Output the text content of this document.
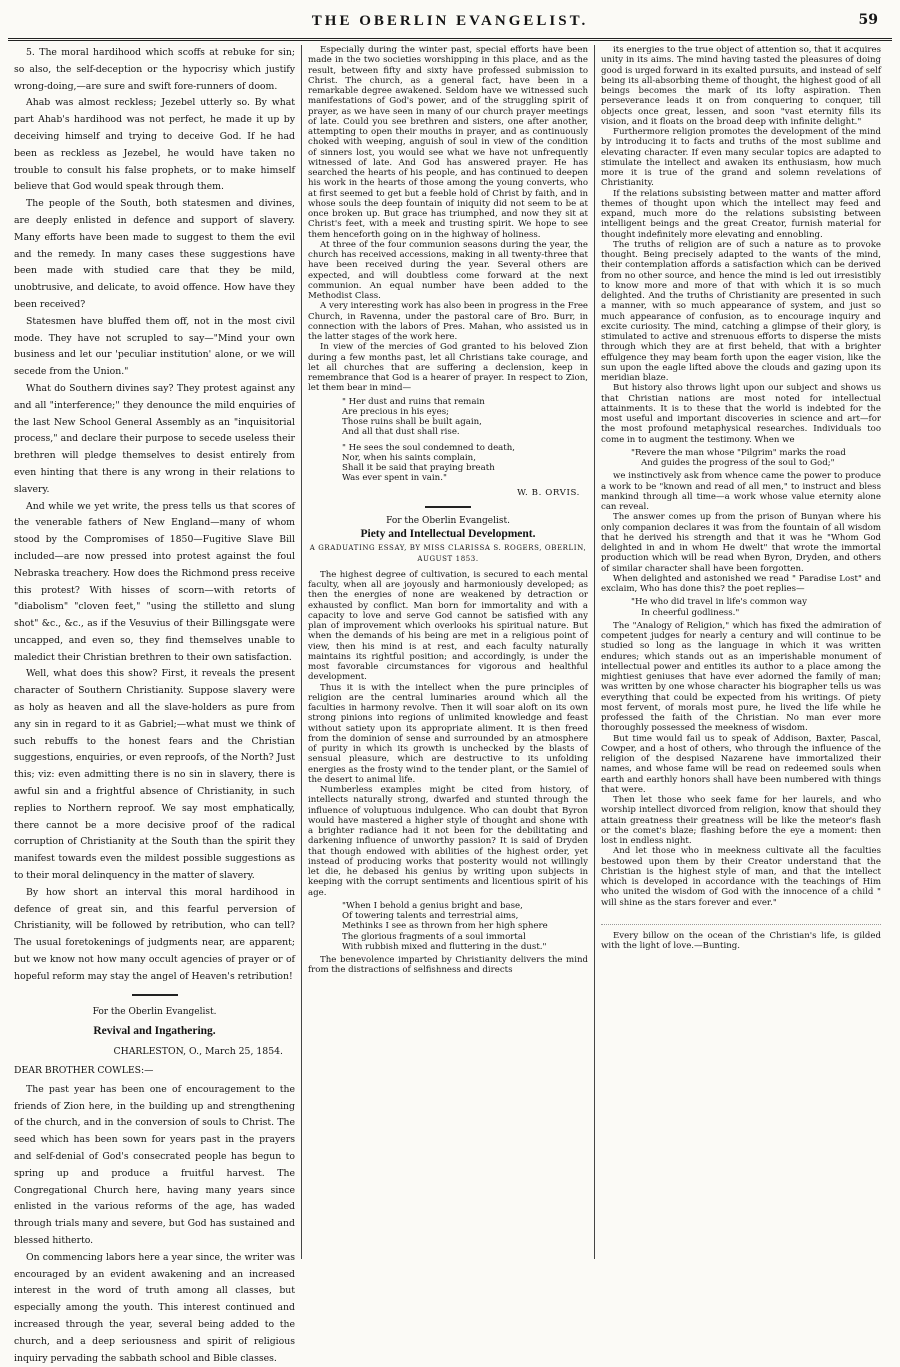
THE OBERLIN EVANGELIST.	59

5. The moral hardihood which scoffs at rebuke for sin; so also, the self-deception or the hypocrisy which justify wrong-doing,—are sure and swift fore-runners of doom.

Ahab was almost reckless; Jezebel utterly so. By what part Ahab's hardihood was not perfect, he made it up by deceiving himself and trying to deceive God. If he had been as reckless as Jezebel, he would have taken no trouble to consult his false prophets, or to make himself believe that God would speak through them.

The people of the South, both statesmen and divines, are deeply enlisted in defence and support of slavery. Many efforts have been made to suggest to them the evil and the remedy. In many cases these suggestions have been made with studied care that they be mild, unobtrusive, and delicate, to avoid offence. How have they been received?

Statesmen have bluffed them off, not in the most civil mode. They have not scrupled to say—"Mind your own business and let our 'peculiar institution' alone, or we will secede from the Union."

What do Southern divines say? They protest against any and all "interference;" they denounce the mild enquiries of the last New School General Assembly as an "inquisitorial process," and declare their purpose to secede useless their brethren will pledge themselves to desist entirely from even hinting that there is any wrong in their relations to slavery.

And while we yet write, the press tells us that scores of the venerable fathers of New England—many of whom stood by the Compromises of 1850—Fugitive Slave Bill included—are now pressed into protest against the foul Nebraska treachery. How does the Richmond press receive this protest? With hisses of scorn—with retorts of "diabolism" "cloven feet," "using the stilletto and slung shot" &c., &c., as if the Vesuvius of their Billingsgate were uncapped, and even so, they find themselves unable to maledict their Christian brethren to their own satisfaction.

Well, what does this show? First, it reveals the present character of Southern Christianity. Suppose slavery were as holy as heaven and all the slave-holders as pure from any sin in regard to it as Gabriel;—what must we think of such rebuffs to the honest fears and the Christian suggestions, enquiries, or even reproofs, of the North? Just this; viz: even admitting there is no sin in slavery, there is awful sin and a frightful absence of Christianity, in such replies to Northern reproof. We say most emphatically, there cannot be a more decisive proof of the radical corruption of Christianity at the South than the spirit they manifest towards even the mildest possible suggestions as to their moral delinquency in the matter of slavery.

By how short an interval this moral hardihood in defence of great sin, and this fearful perversion of Christianity, will be followed by retribution, who can tell? The usual foretokenings of judgments near, are apparent; but we know not how many occult agencies of prayer or of hopeful reform may stay the angel of Heaven's retribution!

For the Oberlin Evangelist.
Revival and Ingathering.
CHARLESTON, O., March 25, 1854.
DEAR BROTHER COWLES:—

The past year has been one of encouragement to the friends of Zion here, in the building up and strengthening of the church, and in the conversion of souls to Christ. The seed which has been sown for years past in the prayers and self-denial of God's consecrated people has begun to spring up and produce a fruitful harvest. The Congregational Church here, having many years since enlisted in the various reforms of the age, has waded through trials many and severe, but God has sustained and blessed hitherto.

On commencing labors here a year since, the writer was encouraged by an evident awakening and an increased interest in the word of truth among all classes, but especially among the youth. This interest continued and increased through the year, several being added to the church, and a deep seriousness and spirit of religious inquiry pervading the sabbath school and Bible classes.

Especially during the winter past, special efforts have been made in the two societies worshipping in this place, and as the result, between fifty and sixty have professed submission to Christ. The church, as a general fact, have been in a remarkable degree awakened. Seldom have we witnessed such manifestations of God's power, and of the struggling spirit of prayer, as we have seen in many of our church prayer meetings of late. Could you see brethren and sisters, one after another, attempting to open their mouths in prayer, and as continuously choked with weeping, anguish of soul in view of the condition of sinners lost, you would see what we have not unfrequently witnessed of late. And God has answered prayer. He has searched the hearts of his people, and has continued to deepen his work in the hearts of those among the young converts, who at first seemed to get but a feeble hold of Christ by faith, and in whose souls the deep fountain of iniquity did not seem to be at once broken up. But grace has triumphed, and now they sit at Christ's feet, with a meek and trusting spirit. We hope to see them henceforth going on in the highway of holiness.

At three of the four communion seasons during the year, the church has received accessions, making in all twenty-three that have been received during the year. Several others are expected, and will doubtless come forward at the next communion. An equal number have been added to the Methodist Class.

A very interesting work has also been in progress in the Free Church, in Ravenna, under the pastoral care of Bro. Burr, in connection with the labors of Pres. Mahan, who assisted us in the latter stages of the work here.

In view of the mercies of God granted to his beloved Zion during a few months past, let all Christians take courage, and let all churches that are suffering a declension, keep in remembrance that God is a hearer of prayer. In respect to Zion, let them bear in mind—

" Her dust and ruins that remain
Are precious in his eyes;
Those ruins shall be built again,
And all that dust shall rise.
" He sees the soul condemned to death,
Nor, when his saints complain,
Shall it be said that praying breath
Was ever spent in vain."
W. B. ORVIS.
For the Oberlin Evangelist.
Piety and Intellectual Development.
A GRADUATING ESSAY, BY MISS CLARISSA S. ROGERS, OBERLIN, AUGUST 1853.

The highest degree of cultivation, is secured to each mental faculty, when all are joyously and harmoniously developed; as then the energies of none are weakened by detraction or exhausted by conflict. Man born for immortality and with a capacity to love and serve God cannot be satisfied with any plan of improvement which overlooks his spiritual nature. But when the demands of his being are met in a religious point of view, then his mind is at rest, and each faculty naturally maintains its rightful position; and accordingly, is under the most favorable circumstances for vigorous and healthful development.

Thus it is with the intellect when the pure principles of religion are the central luminaries around which all the faculties in harmony revolve. Then it will soar aloft on its own strong pinions into regions of unlimited knowledge and feast without satiety upon its appropriate aliment. It is then freed from the dominion of sense and surrounded by an atmosphere of purity in which its growth is unchecked by the blasts of sensual pleasure, which are destructive to its unfolding energies as the frosty wind to the tender plant, or the Samiel of the desert to animal life.

Numberless examples might be cited from history, of intellects naturally strong, dwarfed and stunted through the influence of voluptuous indulgence. Who can doubt that Byron would have mastered a higher style of thought and shone with a brighter radiance had it not been for the debilitating and darkening influence of unworthy passion? It is said of Dryden that though endowed with abilities of the highest order, yet instead of producing works that posterity would not willingly let die, he debased his genius by writing upon subjects in keeping with the corrupt sentiments and licentious spirit of his age.

"When I behold a genius bright and base,
Of towering talents and terrestrial aims,
Methinks I see as thrown from her high sphere
The glorious fragments of a soul immortal
With rubbish mixed and fluttering in the dust."

The benevolence imparted by Christianity delivers the mind from the distractions of selfishness and directs

its energies to the true object of attention so, that it acquires unity in its aims. The mind having tasted the pleasures of doing good is urged forward in its exalted pursuits, and instead of self being its all-absorbing theme of thought, the highest good of all beings becomes the mark of its lofty aspiration. Then perseverance leads it on from conquering to conquer, till objects once great, lessen, and soon "vast eternity fills its vision, and it floats on the broad deep with infinite delight."

Furthermore religion promotes the development of the mind by introducing it to facts and truths of the most sublime and elevating character. If even many secular topics are adapted to stimulate the intellect and awaken its enthusiasm, how much more it is true of the grand and solemn revelations of Christianity.

If the relations subsisting between matter and matter afford themes of thought upon which the intellect may feed and expand, much more do the relations subsisting between intelligent beings and the great Creator, furnish material for thought indefinitely more elevating and ennobling.

The truths of religion are of such a nature as to provoke thought. Being precisely adapted to the wants of the mind, their contemplation affords a satisfaction which can be derived from no other source, and hence the mind is led out irresistibly to know more and more of that with which it is so much delighted. And the truths of Christianity are presented in such a manner, with so much appearance of system, and just so much appearance of confusion, as to encourage inquiry and excite curiosity. The mind, catching a glimpse of their glory, is stimulated to active and strenuous efforts to disperse the mists through which they are at first beheld, that with a brighter effulgence they may beam forth upon the eager vision, like the sun upon the eagle lifted above the clouds and gazing upon its meridian blaze.

But history also throws light upon our subject and shows us that Christian nations are most noted for intellectual attainments. It is to these that the world is indebted for the most useful and important discoveries in science and art—for the most profound metaphysical researches. Individuals too come in to augment the testimony. When we

"Revere the man whose "Pilgrim" marks the road
And guides the progress of the soul to God;"

we instinctively ask from whence came the power to produce a work to be "known and read of all men," to instruct and bless mankind through all time—a work whose value eternity alone can reveal.

The answer comes up from the prison of Bunyan where his only companion declares it was from the fountain of all wisdom that he derived his strength and that it was he "Whom God delighted in and in whom He dwelt" that wrote the immortal production which will be read when Byron, Dryden, and others of similar character shall have been forgotten.

When delighted and astonished we read " Paradise Lost" and exclaim, Who has done this? the poet replies—

"He who did travel in life's common way
In cheerful godliness."

The "Analogy of Religion," which has fixed the admiration of competent judges for nearly a century and will continue to be studied so long as the language in which it was written endures; which stands out as an imperishable monument of intellectual power and entitles its author to a place among the mightiest geniuses that have ever adorned the family of man; was written by one whose character his biographer tells us was everything that could be expected from his writings. Of piety most fervent, of morals most pure, he lived the life while he professed the faith of the Christian. No man ever more thoroughly possessed the meekness of wisdom.

But time would fail us to speak of Addison, Baxter, Pascal, Cowper, and a host of others, who through the influence of the religion of the despised Nazarene have immortalized their names, and whose fame will be read on redeemed souls when earth and earthly honors shall have been numbered with things that were.

Then let those who seek fame for her laurels, and who worship intellect divorced from religion, know that should they attain greatness their greatness will be like the meteor's flash or the comet's blaze; flashing before the eye a moment: then lost in endless night.

And let those who in meekness cultivate all the faculties bestowed upon them by their Creator understand that the Christian is the highest style of man, and that the intellect which is developed in accordance with the teachings of Him who united the wisdom of God with the innocence of a child " will shine as the stars forever and ever."

Every billow on the ocean of the Christian's life, is gilded with the light of love.—Bunting.
